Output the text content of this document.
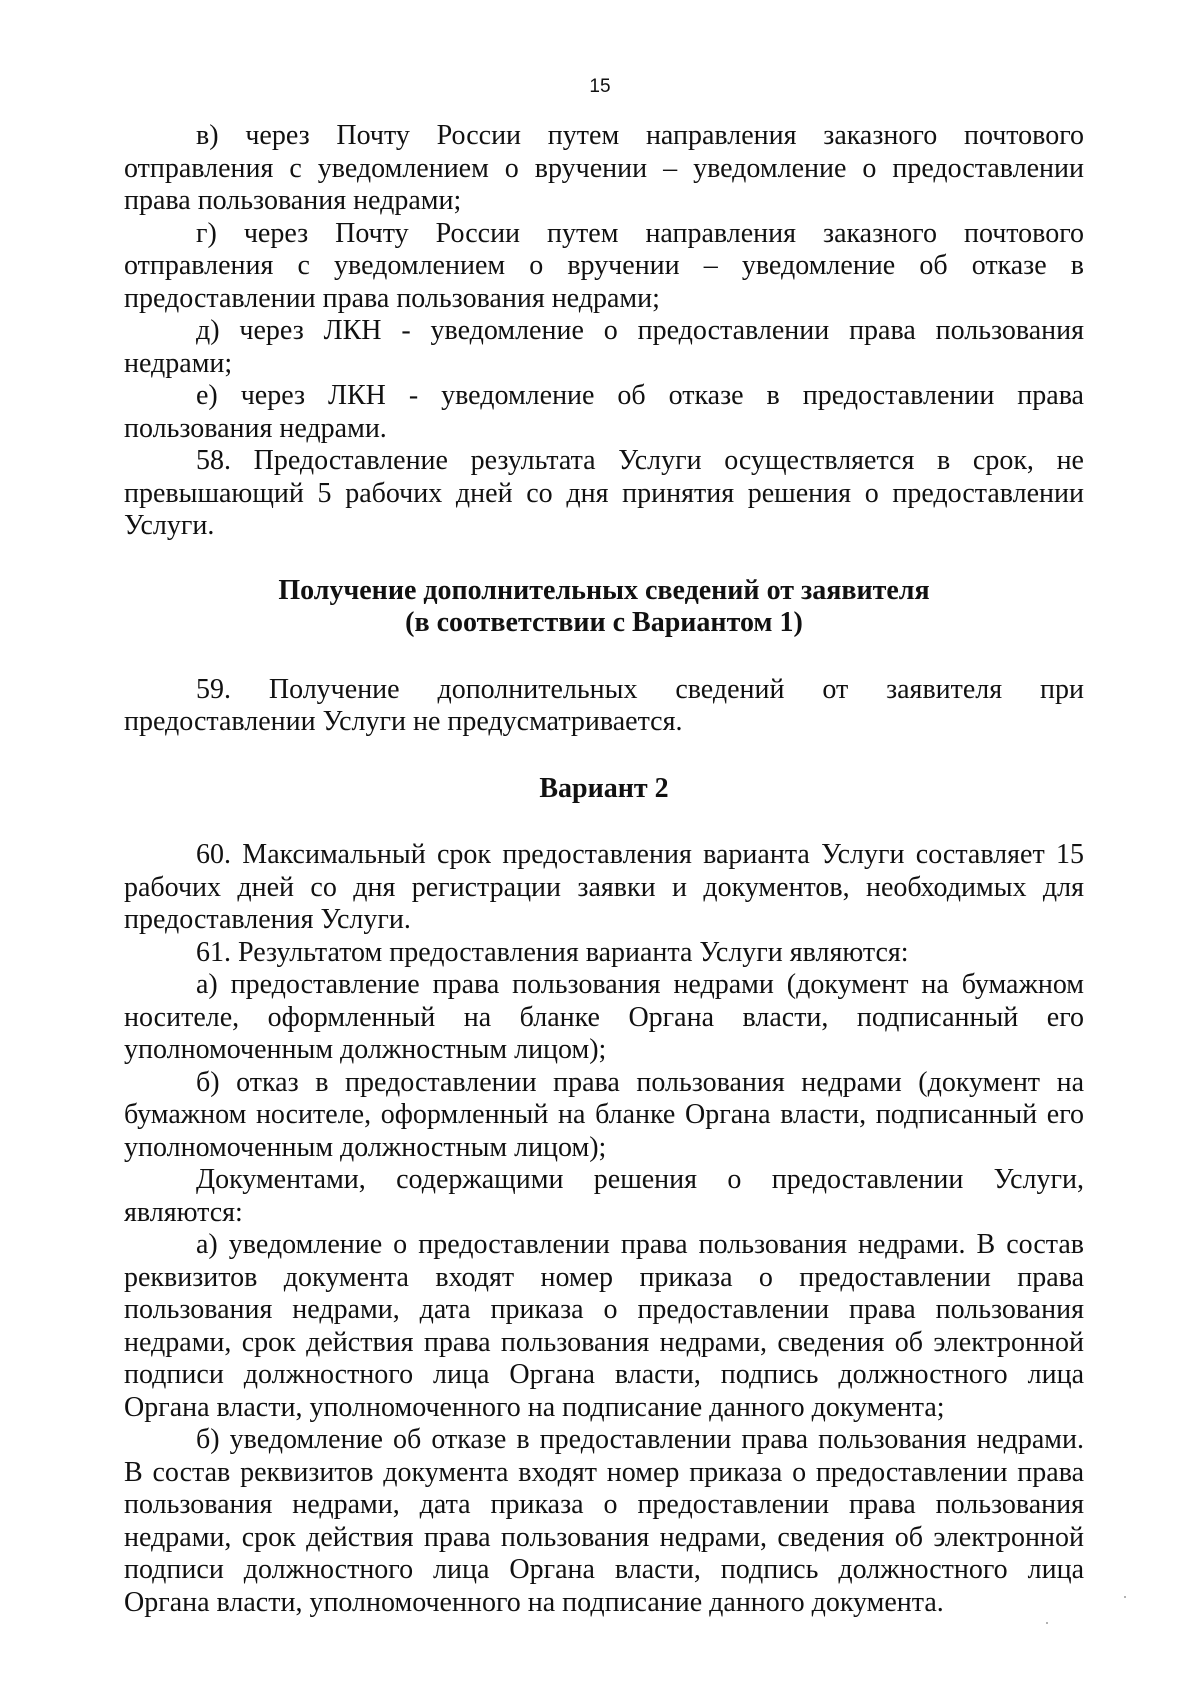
15

в) через Почту России путем направления заказного почтового отправления с уведомлением о вручении – уведомление о предоставлении права пользования недрами;

г) через Почту России путем направления заказного почтового отправления с уведомлением о вручении – уведомление об отказе в предоставлении права пользования недрами;

д) через ЛКН - уведомление о предоставлении права пользования недрами;

е) через ЛКН - уведомление об отказе в предоставлении права пользования недрами.

58. Предоставление результата Услуги осуществляется в срок, не превышающий 5 рабочих дней со дня принятия решения о предоставлении Услуги.

Получение дополнительных сведений от заявителя

(в соответствии с Вариантом 1)

59. Получение дополнительных сведений от заявителя при предоставлении Услуги не предусматривается.

Вариант 2

60. Максимальный срок предоставления варианта Услуги составляет 15 рабочих дней со дня регистрации заявки и документов, необходимых для предоставления Услуги.

61. Результатом предоставления варианта Услуги являются:

а) предоставление права пользования недрами (документ на бумажном носителе, оформленный на бланке Органа власти, подписанный его уполномоченным должностным лицом);

б) отказ в предоставлении права пользования недрами (документ на бумажном носителе, оформленный на бланке Органа власти, подписанный его уполномоченным должностным лицом);

Документами, содержащими решения о предоставлении Услуги, являются:

а) уведомление о предоставлении права пользования недрами. В состав реквизитов документа входят номер приказа о предоставлении права пользования недрами, дата приказа о предоставлении права пользования недрами, срок действия права пользования недрами, сведения об электронной подписи должностного лица Органа власти, подпись должностного лица Органа власти, уполномоченного на подписание данного документа;

б) уведомление об отказе в предоставлении права пользования недрами. В состав реквизитов документа входят номер приказа о предоставлении права пользования недрами, дата приказа о предоставлении права пользования недрами, срок действия права пользования недрами, сведения об электронной подписи должностного лица Органа власти, подпись должностного лица Органа власти, уполномоченного на подписание данного документа.
